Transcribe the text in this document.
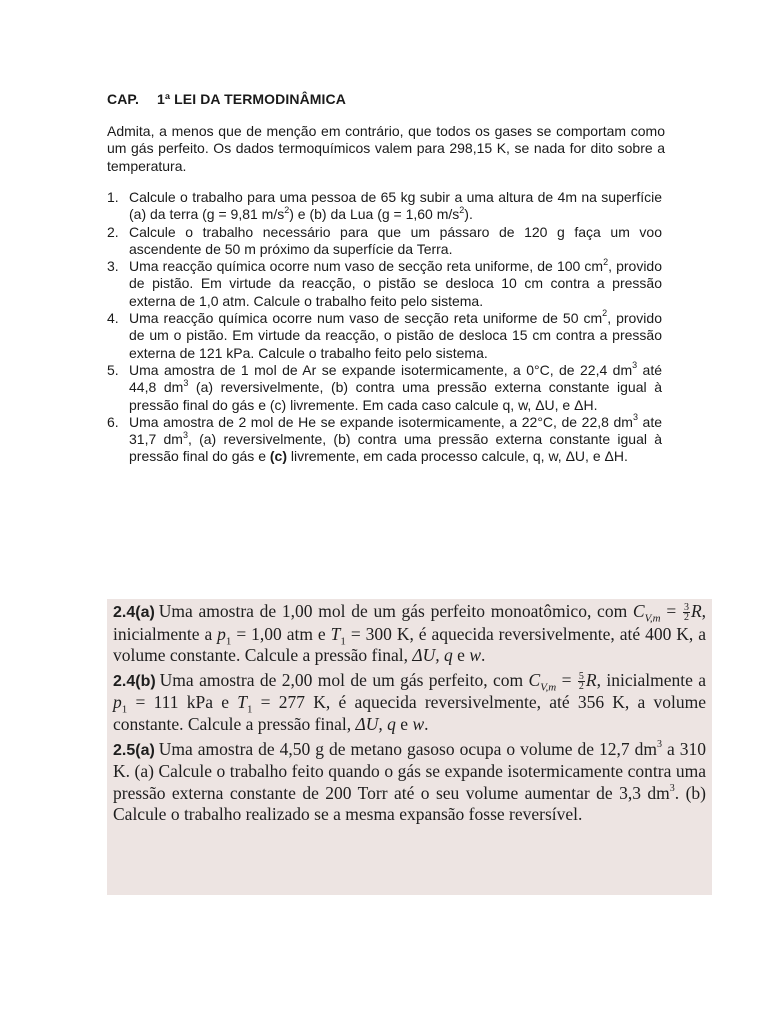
CAP. 1ª LEI DA TERMODINÂMICA
Admita, a menos que de menção em contrário, que todos os gases se comportam como um gás perfeito. Os dados termoquímicos valem para 298,15 K, se nada for dito sobre a temperatura.
1. Calcule o trabalho para uma pessoa de 65 kg subir a uma altura de 4m na superfície (a) da terra (g = 9,81 $m/s^2$) e (b) da Lua (g = 1,60 $m/s^2$).
2. Calcule o trabalho necessário para que um pássaro de 120 g faça um voo ascendente de 50 m próximo da superfície da Terra.
3. Uma reacção química ocorre num vaso de secção reta uniforme, de 100 $cm^2$, provido de pistão. Em virtude da reacção, o pistão se desloca 10 cm contra a pressão externa de 1,0 atm. Calcule o trabalho feito pelo sistema.
4. Uma reacção química ocorre num vaso de secção reta uniforme de 50 $cm^2$, provido de um o pistão. Em virtude da reacção, o pistão de desloca 15 cm contra a pressão externa de 121 kPa. Calcule o trabalho feito pelo sistema.
5. Uma amostra de 1 mol de Ar se expande isotermicamente, a 0°C, de 22,4 $dm^3$ até 44,8 $dm^3$ (a) reversivelmente, (b) contra uma pressão externa constante igual à pressão final do gás e (c) livremente. Em cada caso calcule q, w, ΔU, e ΔH.
6. Uma amostra de 2 mol de He se expande isotermicamente, a 22°C, de 22,8 $dm^3$ ate 31,7 $dm^3$, (a) reversivelmente, (b) contra uma pressão externa constante igual à pressão final do gás e (c) livremente, em cada processo calcule, q, w, ΔU, e ΔH.
2.4(a) Uma amostra de 1,00 mol de um gás perfeito monoatômico, com $C_{V,m} = \frac{3}{2} R$, inicialmente a $p_1 = 1,00$ atm e $T_1 = 300$ K, é aquecida reversivelmente, até 400 K, a volume constante. Calcule a pressão final, ΔU, q e w.
2.4(b) Uma amostra de 2,00 mol de um gás perfeito, com $C_{V,m} = \frac{5}{2} R$, inicialmente a $p_1 = 111$ kPa e $T_1 = 277$ K, é aquecida reversivelmente, até 356 K, a volume constante. Calcule a pressão final, ΔU, q e w.
2.5(a) Uma amostra de 4,50 g de metano gasoso ocupa o volume de 12,7 $dm^3$ a 310 K. (a) Calcule o trabalho feito quando o gás se expande isotermicamente contra uma pressão externa constante de 200 Torr até o seu volume aumentar de 3,3 $dm^3$. (b) Calcule o trabalho realizado se a mesma expansão fosse reversível.
